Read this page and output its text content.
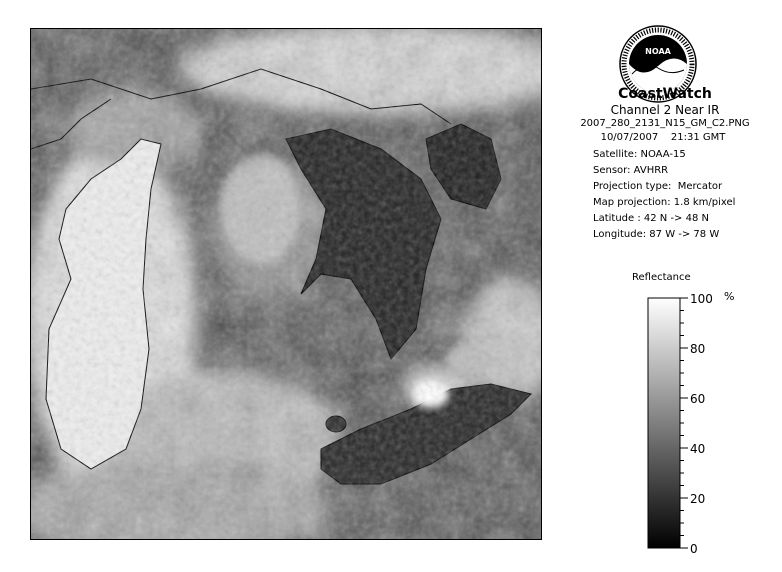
NOAA
CoastWatch
Channel 2 Near IR
2007_280_2131_N15_GM_C2.PNG
10/07/2007    21:31 GMT
Satellite: NOAA-15
Sensor: AVHRR
Projection type:  Mercator
Map projection: 1.8 km/pixel
Latitude : 42 N -> 48 N
Longitude: 87 W -> 78 W
Reflectance
%
100
80
60
40
20
0
